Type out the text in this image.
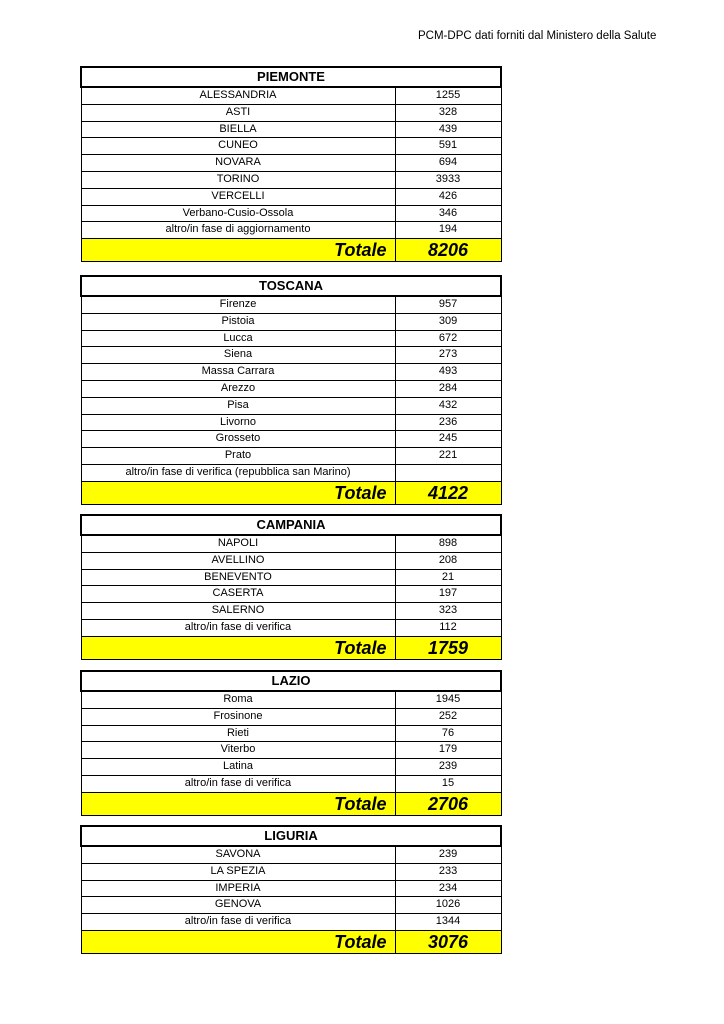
PCM-DPC dati forniti dal Ministero della Salute
PIEMONTE	
ALESSANDRIA	1255
ASTI	328
BIELLA	439
CUNEO	591
NOVARA	694
TORINO	3933
VERCELLI	426
Verbano-Cusio-Ossola	346
altro/in fase di aggiornamento	194
Totale	8206
TOSCANA	
Firenze	957
Pistoia	309
Lucca	672
Siena	273
Massa Carrara	493
Arezzo	284
Pisa	432
Livorno	236
Grosseto	245
Prato	221
altro/in fase di verifica (repubblica san Marino)	
Totale	4122
CAMPANIA	
NAPOLI	898
AVELLINO	208
BENEVENTO	21
CASERTA	197
SALERNO	323
altro/in fase di verifica	112
Totale	1759
LAZIO	
Roma	1945
Frosinone	252
Rieti	76
Viterbo	179
Latina	239
altro/in fase di verifica	15
Totale	2706
LIGURIA	
SAVONA	239
LA SPEZIA	233
IMPERIA	234
GENOVA	1026
altro/in fase di verifica	1344
Totale	3076
